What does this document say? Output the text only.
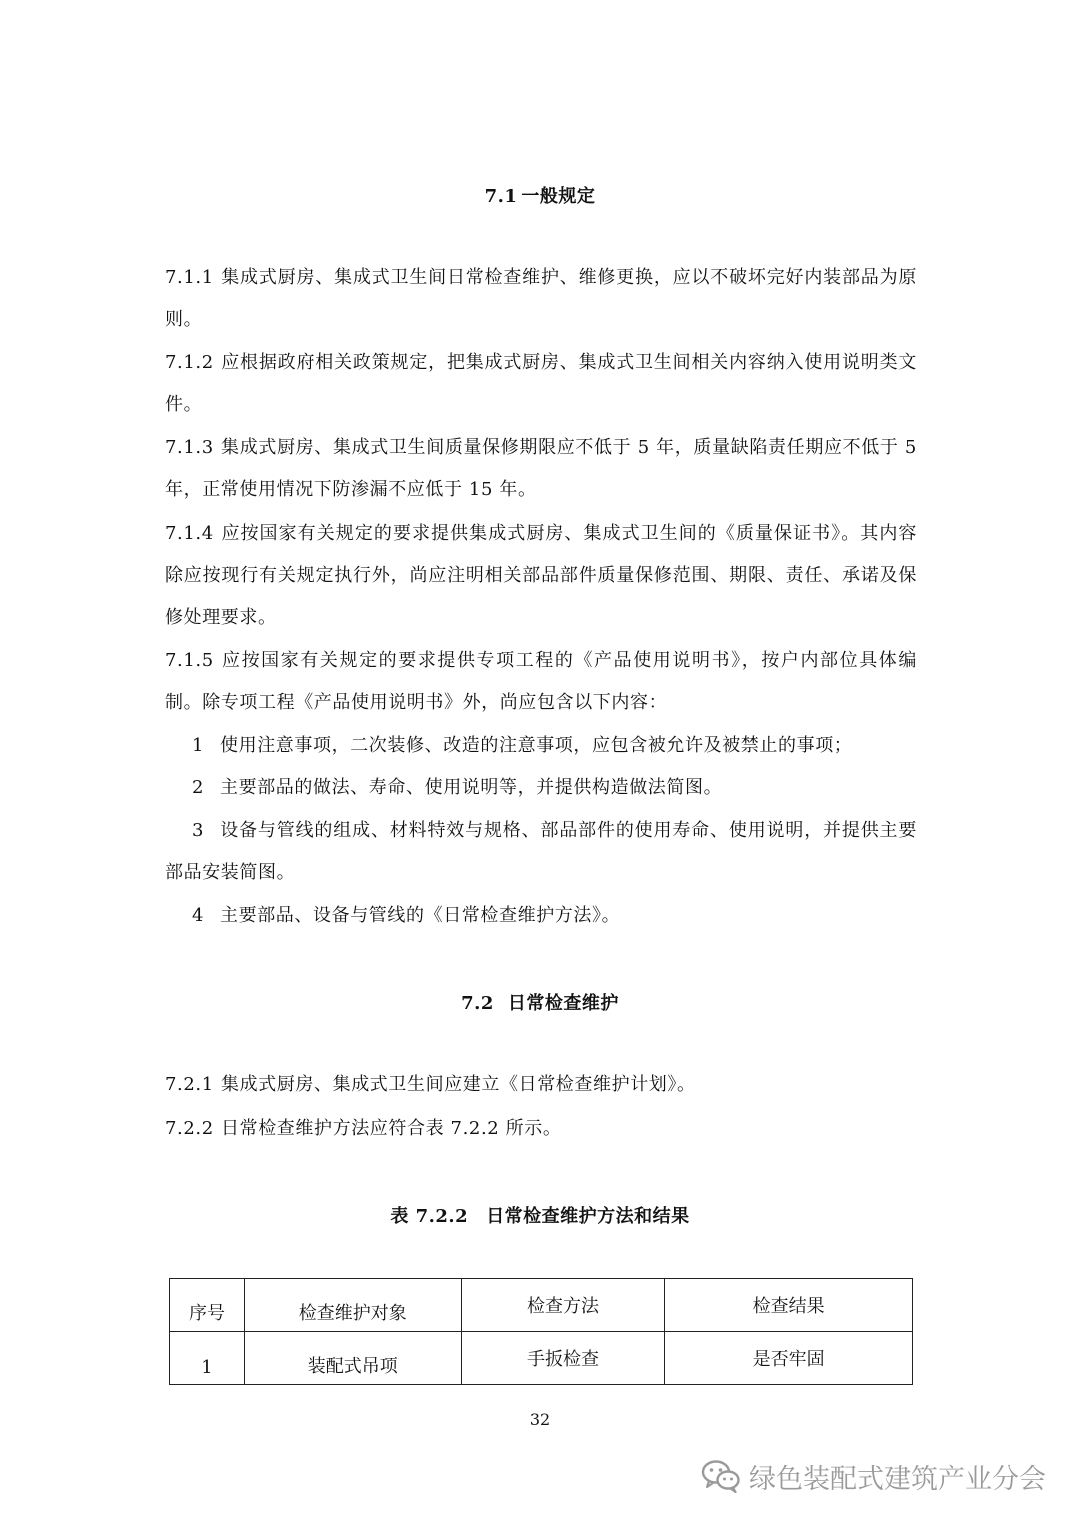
7.1 一般规定
7.1.1 集成式厨房、集成式卫生间日常检查维护、维修更换，应以不破坏完好内装部品为原则。
7.1.2 应根据政府相关政策规定，把集成式厨房、集成式卫生间相关内容纳入使用说明类文件。
7.1.3 集成式厨房、集成式卫生间质量保修期限应不低于 5 年，质量缺陷责任期应不低于 5 年，正常使用情况下防渗漏不应低于 15 年。
7.1.4 应按国家有关规定的要求提供集成式厨房、集成式卫生间的《质量保证书》。其内容除应按现行有关规定执行外，尚应注明相关部品部件质量保修范围、期限、责任、承诺及保修处理要求。
7.1.5 应按国家有关规定的要求提供专项工程的《产品使用说明书》，按户内部位具体编制。除专项工程《产品使用说明书》外，尚应包含以下内容：
1 使用注意事项，二次装修、改造的注意事项，应包含被允许及被禁止的事项；
2 主要部品的做法、寿命、使用说明等，并提供构造做法简图。
3 设备与管线的组成、材料特效与规格、部品部件的使用寿命、使用说明，并提供主要部品安装简图。
4 主要部品、设备与管线的《日常检查维护方法》。
7.2 日常检查维护
7.2.1 集成式厨房、集成式卫生间应建立《日常检查维护计划》。
7.2.2 日常检查维护方法应符合表 7.2.2 所示。
表 7.2.2 日常检查维护方法和结果
序号	检查维护对象	检查方法	检查结果
1	装配式吊项	手扳检查	是否牢固
32
绿色装配式建筑产业分会
